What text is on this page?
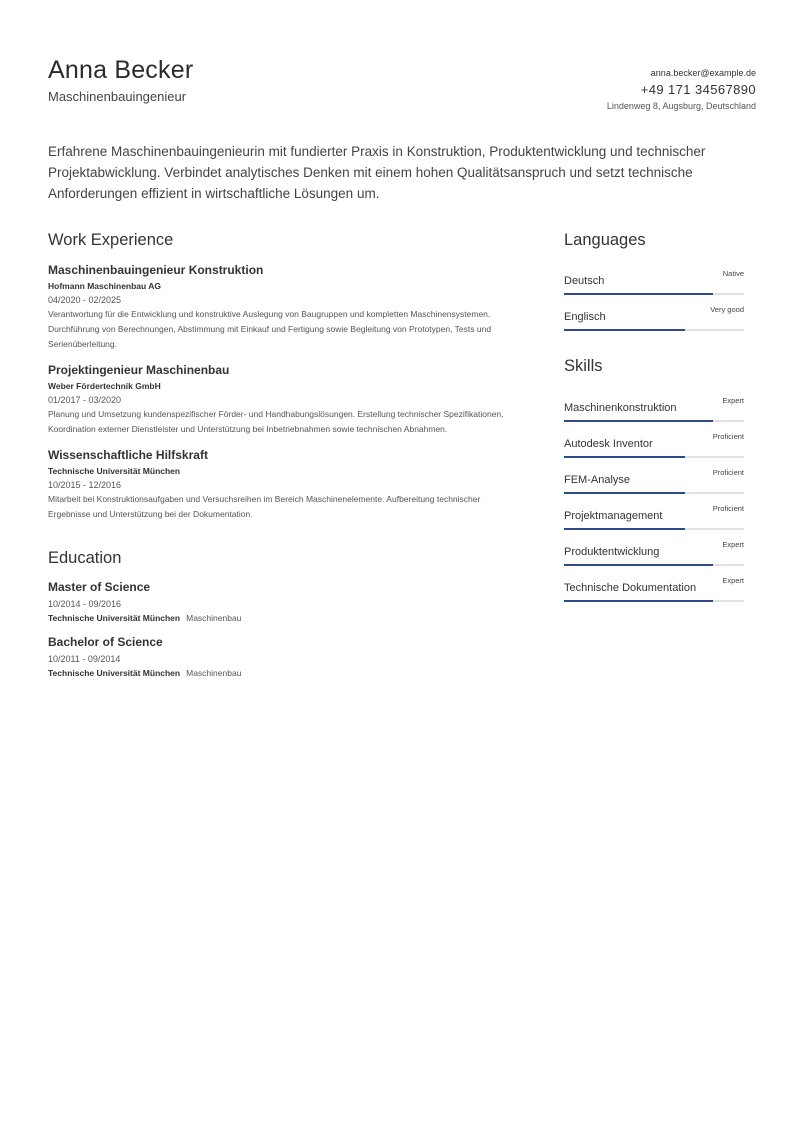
Anna Becker
Maschinenbauingenieur
anna.becker@example.de
+49 171 34567890
Lindenweg 8, Augsburg, Deutschland
Erfahrene Maschinenbauingenieurin mit fundierter Praxis in Konstruktion, Produktentwicklung und technischer Projektabwicklung. Verbindet analytisches Denken mit einem hohen Qualitätsanspruch und setzt technische Anforderungen effizient in wirtschaftliche Lösungen um.
Work Experience
Maschinenbauingenieur Konstruktion
Hofmann Maschinenbau AG
04/2020 - 02/2025
Verantwortung für die Entwicklung und konstruktive Auslegung von Baugruppen und kompletten Maschinensystemen. Durchführung von Berechnungen, Abstimmung mit Einkauf und Fertigung sowie Begleitung von Prototypen, Tests und Serienüberleitung.
Projektingenieur Maschinenbau
Weber Fördertechnik GmbH
01/2017 - 03/2020
Planung und Umsetzung kundenspezifischer Förder- und Handhabungslösungen. Erstellung technischer Spezifikationen, Koordination externer Dienstleister und Unterstützung bei Inbetriebnahmen sowie technischen Abnahmen.
Wissenschaftliche Hilfskraft
Technische Universität München
10/2015 - 12/2016
Mitarbeit bei Konstruktionsaufgaben und Versuchsreihen im Bereich Maschinenelemente. Aufbereitung technischer Ergebnisse und Unterstützung bei der Dokumentation.
Education
Master of Science
10/2014 - 09/2016
Technische Universität München Maschinenbau
Bachelor of Science
10/2011 - 09/2014
Technische Universität München Maschinenbau
Languages
Deutsch
Native
Englisch
Very good
Skills
Maschinenkonstruktion
Expert
Autodesk Inventor
Proficient
FEM-Analyse
Proficient
Projektmanagement
Proficient
Produktentwicklung
Expert
Technische Dokumentation
Expert
